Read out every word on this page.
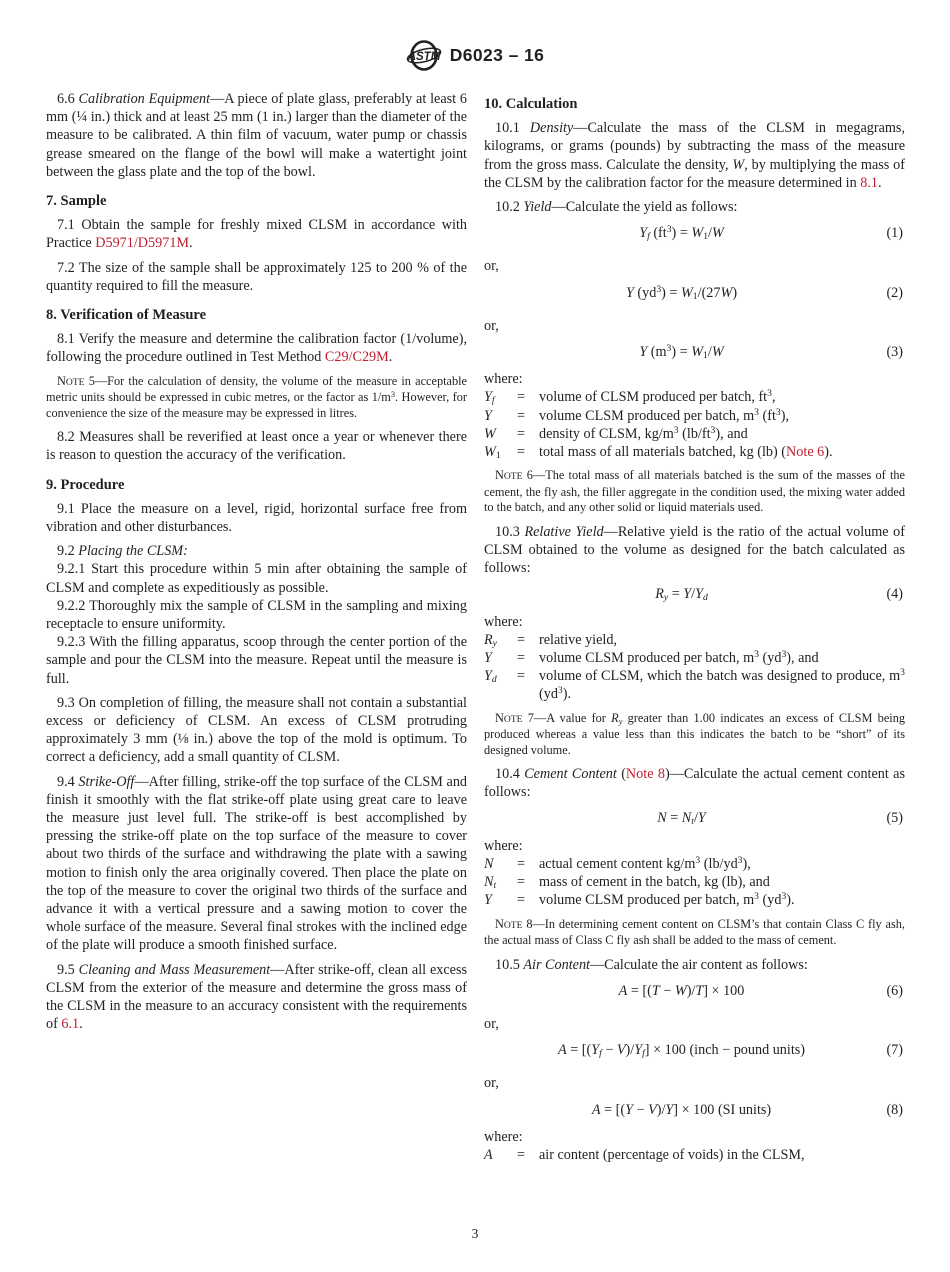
ASTM D6023 – 16

6.6 Calibration Equipment—A piece of plate glass, preferably at least 6 mm (¼ in.) thick and at least 25 mm (1 in.) larger than the diameter of the measure to be calibrated. A thin film of vacuum, water pump or chassis grease smeared on the flange of the bowl will make a watertight joint between the glass plate and the top of the bowl.

7. Sample

7.1 Obtain the sample for freshly mixed CLSM in accordance with Practice D5971/D5971M.

7.2 The size of the sample shall be approximately 125 to 200 % of the quantity required to fill the measure.

8. Verification of Measure

8.1 Verify the measure and determine the calibration factor (1/volume), following the procedure outlined in Test Method C29/C29M.

NOTE 5—For the calculation of density, the volume of the measure in acceptable metric units should be expressed in cubic metres, or the factor as $1/m^3$. However, for convenience the size of the measure may be expressed in litres.

8.2 Measures shall be reverified at least once a year or whenever there is reason to question the accuracy of the verification.

9. Procedure

9.1 Place the measure on a level, rigid, horizontal surface free from vibration and other disturbances.

9.2 Placing the CLSM:

9.2.1 Start this procedure within 5 min after obtaining the sample of CLSM and complete as expeditiously as possible.

9.2.2 Thoroughly mix the sample of CLSM in the sampling and mixing receptacle to ensure uniformity.

9.2.3 With the filling apparatus, scoop through the center portion of the sample and pour the CLSM into the measure. Repeat until the measure is full.

9.3 On completion of filling, the measure shall not contain a substantial excess or deficiency of CLSM. An excess of CLSM protruding approximately 3 mm (⅛ in.) above the top of the mold is optimum. To correct a deficiency, add a small quantity of CLSM.

9.4 Strike-Off—After filling, strike-off the top surface of the CLSM and finish it smoothly with the flat strike-off plate using great care to leave the measure just level full. The strike-off is best accomplished by pressing the strike-off plate on the top surface of the measure to cover about two thirds of the surface and withdrawing the plate with a sawing motion to finish only the area originally covered. Then place the plate on the top of the measure to cover the original two thirds of the surface and advance it with a vertical pressure and a sawing motion to cover the whole surface of the measure. Several final strokes with the inclined edge of the plate will produce a smooth finished surface.

9.5 Cleaning and Mass Measurement—After strike-off, clean all excess CLSM from the exterior of the measure and determine the gross mass of the CLSM in the measure to an accuracy consistent with the requirements of 6.1.

10. Calculation

10.1 Density—Calculate the mass of the CLSM in megagrams, kilograms, or grams (pounds) by subtracting the mass of the measure from the gross mass. Calculate the density, W, by multiplying the mass of the CLSM by the calibration factor for the measure determined in 8.1.

10.2 Yield—Calculate the yield as follows:

$Y_f$ $(ft^3) = W_1/W$	(1)

or,

Y $(yd^3) = W_1/(27W)$	(2)

or,

Y $(m^3) = W_1/W$	(3)

where:

$Y_f$	= volume of CLSM produced per batch, $ft^3$,
Y	= volume CLSM produced per batch, $m^3$ $(ft^3)$,
W	= density of CLSM, $kg/m^3$ $(lb/ft^3)$, and
$W_1$	= total mass of all materials batched, kg (lb) (Note 6).

NOTE 6—The total mass of all materials batched is the sum of the masses of the cement, the fly ash, the filler aggregate in the condition used, the mixing water added to the batch, and any other solid or liquid materials used.

10.3 Relative Yield—Relative yield is the ratio of the actual volume of CLSM obtained to the volume as designed for the batch calculated as follows:

$R_y = Y/Y_d$	(4)

where:

$R_y$	= relative yield,
Y	= volume CLSM produced per batch, $m^3$ $(yd^3)$, and
$Y_d$	= volume of CLSM, which the batch was designed to produce, $m^3$ $(yd^3)$.

NOTE 7—A value for $R_y$ greater than 1.00 indicates an excess of CLSM being produced whereas a value less than this indicates the batch to be “short” of its designed volume.

10.4 Cement Content (Note 8)—Calculate the actual cement content as follows:

$N = N_t/Y$	(5)

where:

N	= actual cement content $kg/m^3$ $(lb/yd^3)$,
$N_t$	= mass of cement in the batch, kg (lb), and
Y	= volume CLSM produced per batch, $m^3$ $(yd^3)$.

NOTE 8—In determining cement content on CLSM’s that contain Class C fly ash, the actual mass of Class C fly ash shall be added to the mass of cement.

10.5 Air Content—Calculate the air content as follows:

A = [(T − W)/T] × 100	(6)

or,

$A = [(Y_f - V)/Y_f] \times 100$ (inch − pound units)	(7)

or,

A = [(Y − V)/Y] × 100 (SI units)	(8)

where:

A	= air content (percentage of voids) in the CLSM,
3
